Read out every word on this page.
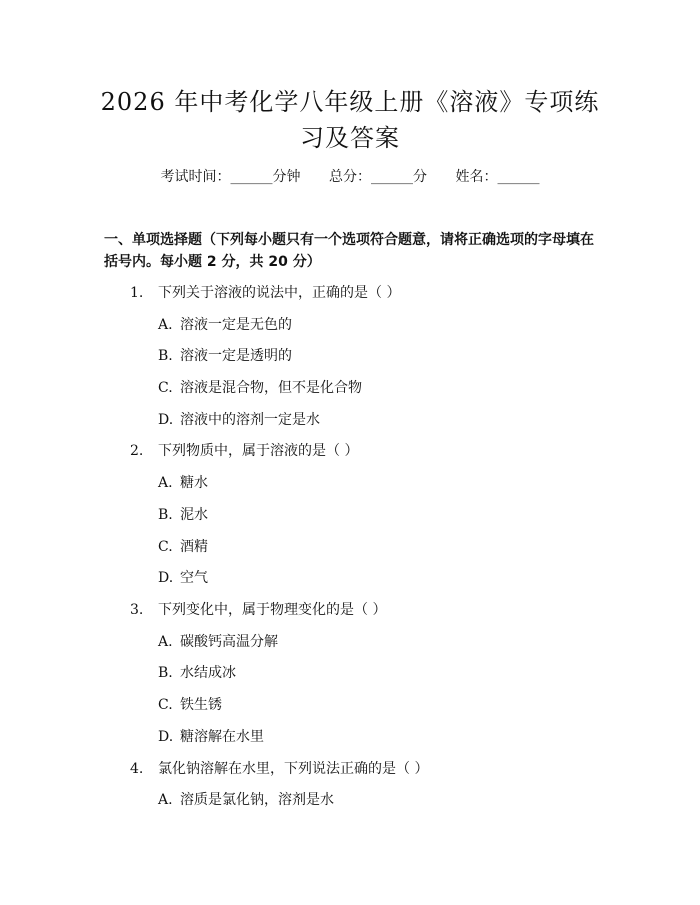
2026 年中考化学八年级上册《溶液》专项练
习及答案
考试时间：______分钟 总分：______分 姓名：______

一、单项选择题（下列每小题只有一个选项符合题意，请将正确选项的字母填在

括号内。每小题 2 分，共 20 分）

1. 下列关于溶液的说法中，正确的是（ ）
A. 溶液一定是无色的
B. 溶液一定是透明的
C. 溶液是混合物，但不是化合物
D. 溶液中的溶剂一定是水
2. 下列物质中，属于溶液的是（ ）
A. 糖水
B. 泥水
C. 酒精
D. 空气
3. 下列变化中，属于物理变化的是（ ）
A. 碳酸钙高温分解
B. 水结成冰
C. 铁生锈
D. 糖溶解在水里
4. 氯化钠溶解在水里，下列说法正确的是（ ）
A. 溶质是氯化钠，溶剂是水
